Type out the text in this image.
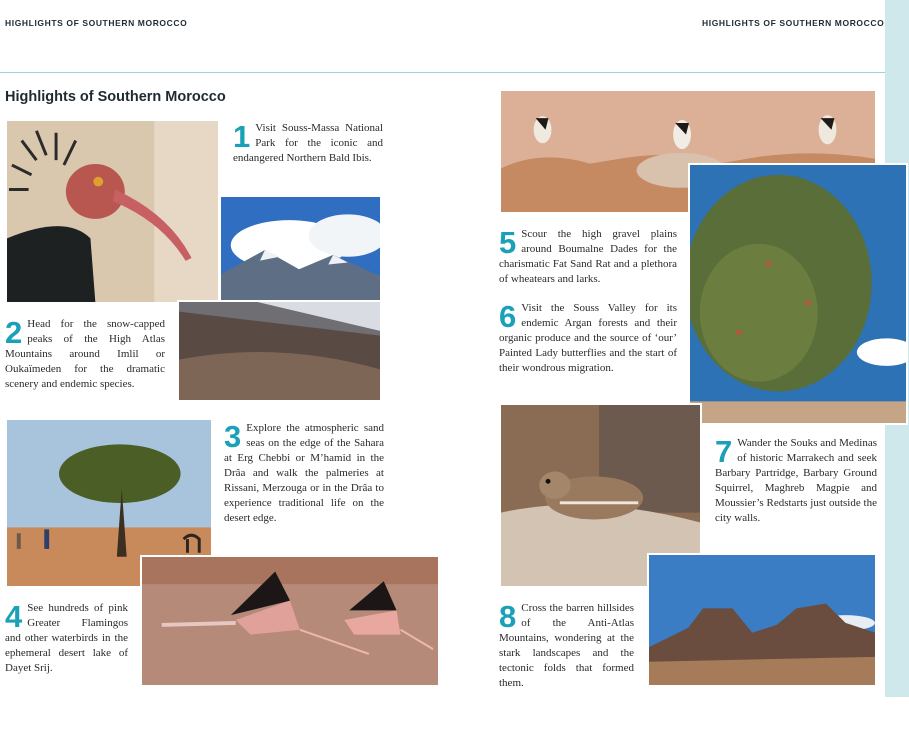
HIGHLIGHTS OF SOUTHERN MOROCCO	HIGHLIGHTS OF SOUTHERN MOROCCO
Highlights of Southern Morocco
1 Visit Souss-Massa National Park for the iconic and endangered Northern Bald Ibis.
2 Head for the snow-capped peaks of the High Atlas Mountains around Imlil or Oukaïmeden for the dramatic scenery and endemic species.
3 Explore the atmospheric sand seas on the edge of the Sahara at Erg Chebbi or M’hamid in the Drâa and walk the palmeries at Rissani, Merzouga or in the Drâa to experience traditional life on the desert edge.
4 See hundreds of pink Greater Flamingos and other waterbirds in the ephemeral desert lake of Dayet Srij.
5 Scour the high gravel plains around Boumalne Dades for the charismatic Fat Sand Rat and a plethora of wheatears and larks.
6 Visit the Souss Valley for its endemic Argan forests and their organic produce and the source of ‘our’ Painted Lady butterflies and the start of their wondrous migration.
7 Wander the Souks and Medinas of historic Marrakech and seek Barbary Partridge, Barbary Ground Squirrel, Maghreb Magpie and Moussier’s Redstarts just outside the city walls.
8 Cross the barren hillsides of the Anti-Atlas Mountains, wondering at the stark landscapes and the tectonic folds that formed them.
